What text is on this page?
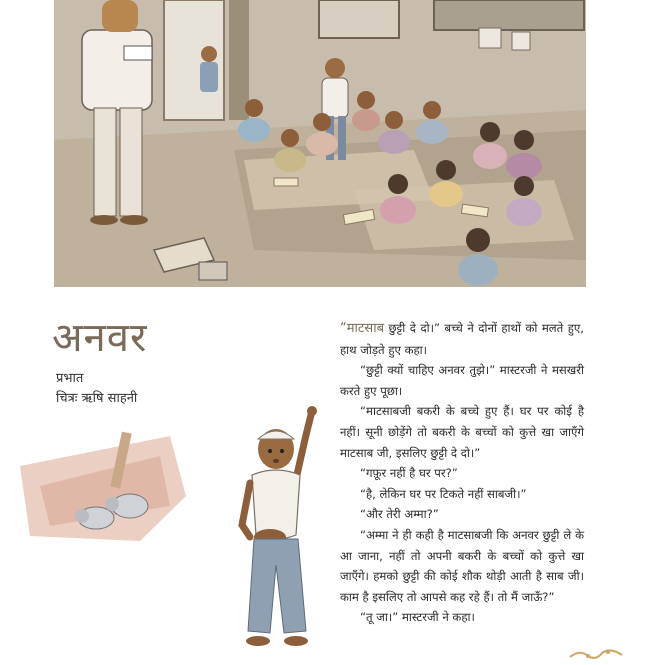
अनवर
प्रभात
चित्रः ऋषि साहनी

“माटसाब छुट्टी दे दो।” बच्चे ने दोनों हाथों को मलते हुए, हाथ जोड़ते हुए कहा।

“छुट्टी क्यों चाहिए अनवर तुझे।” मास्टरजी ने मसखरी करते हुए पूछा।

“माटसाबजी बकरी के बच्चे हुए हैं। घर पर कोई है नहीं। सूनी छोड़ेंगे तो बकरी के बच्चों को कुत्ते खा जाएँगे माटसाब जी, इसलिए छुट्टी दे दो।”

“गफ़ूर नहीं है घर पर?”

“है, लेकिन घर पर टिकते नहीं साबजी।”

“और तेरी अम्मा?”

“अम्मा ने ही कही है माटसाबजी कि अनवर छुट्टी ले के आ जाना, नहीं तो अपनी बकरी के बच्चों को कुत्ते खा जाएँगे। हमको छुट्टी की कोई शौक थोड़ी आती है साब जी। काम है इसलिए तो आपसे कह रहे हैं। तो मैं जाऊँ?”

“तू जा।” मास्टरजी ने कहा।
